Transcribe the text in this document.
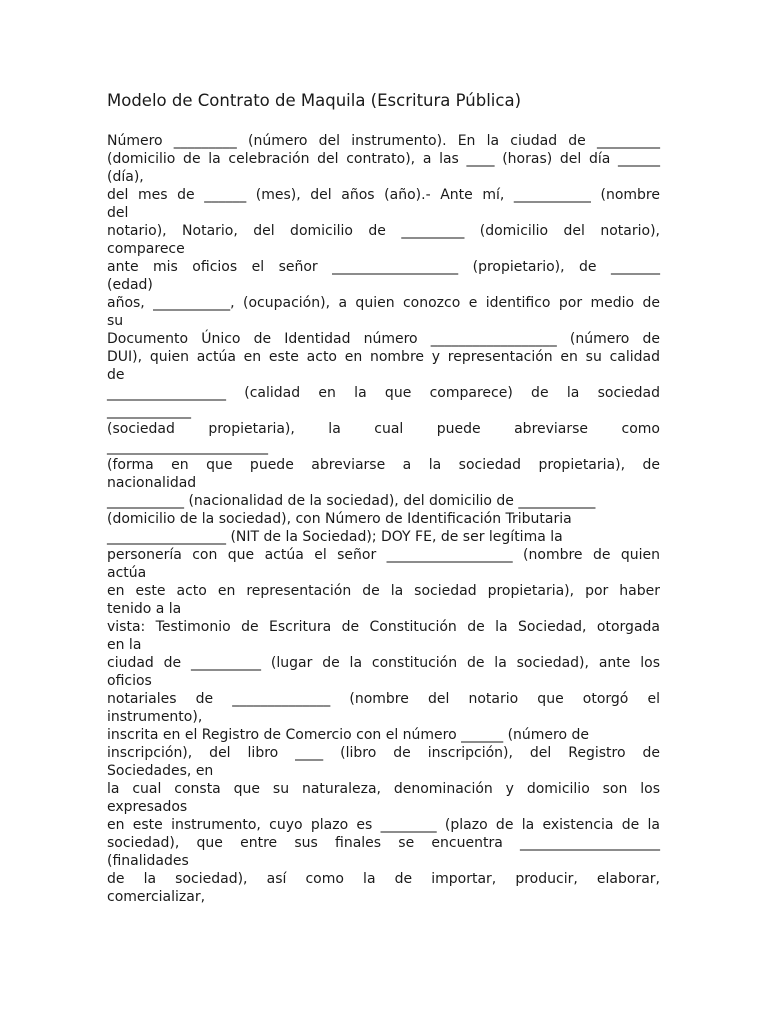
Modelo de Contrato de Maquila (Escritura Pública)
Número _________ (número del instrumento). En la ciudad de _________
(domicilio de la celebración del contrato), a las ____ (horas) del día ______
(día),
del mes de ______ (mes), del años (año).- Ante mí, ___________ (nombre
del
notario), Notario, del domicilio de _________ (domicilio del notario),
comparece
ante mis oficios el señor __________________ (propietario), de _______
(edad)
años, ___________, (ocupación), a quien conozco e identifico por medio de
su
Documento Único de Identidad número __________________ (número de
DUI), quien actúa en este acto en nombre y representación en su calidad
de
_________________ (calidad en la que comparece) de la sociedad
____________
(sociedad propietaria), la cual puede abreviarse como
_______________________
(forma en que puede abreviarse a la sociedad propietaria), de
nacionalidad
___________ (nacionalidad de la sociedad), del domicilio de ___________
(domicilio de la sociedad), con Número de Identificación Tributaria
_________________ (NIT de la Sociedad); DOY FE, de ser legítima la
personería con que actúa el señor __________________ (nombre de quien
actúa
en este acto en representación de la sociedad propietaria), por haber
tenido a la
vista: Testimonio de Escritura de Constitución de la Sociedad, otorgada
en la
ciudad de __________ (lugar de la constitución de la sociedad), ante los
oficios
notariales de ______________ (nombre del notario que otorgó el
instrumento),
inscrita en el Registro de Comercio con el número ______ (número de
inscripción), del libro ____ (libro de inscripción), del Registro de
Sociedades, en
la cual consta que su naturaleza, denominación y domicilio son los
expresados
en este instrumento, cuyo plazo es ________ (plazo de la existencia de la
sociedad), que entre sus finales se encuentra ____________________
(finalidades
de la sociedad), así como la de importar, producir, elaborar,
comercializar,
